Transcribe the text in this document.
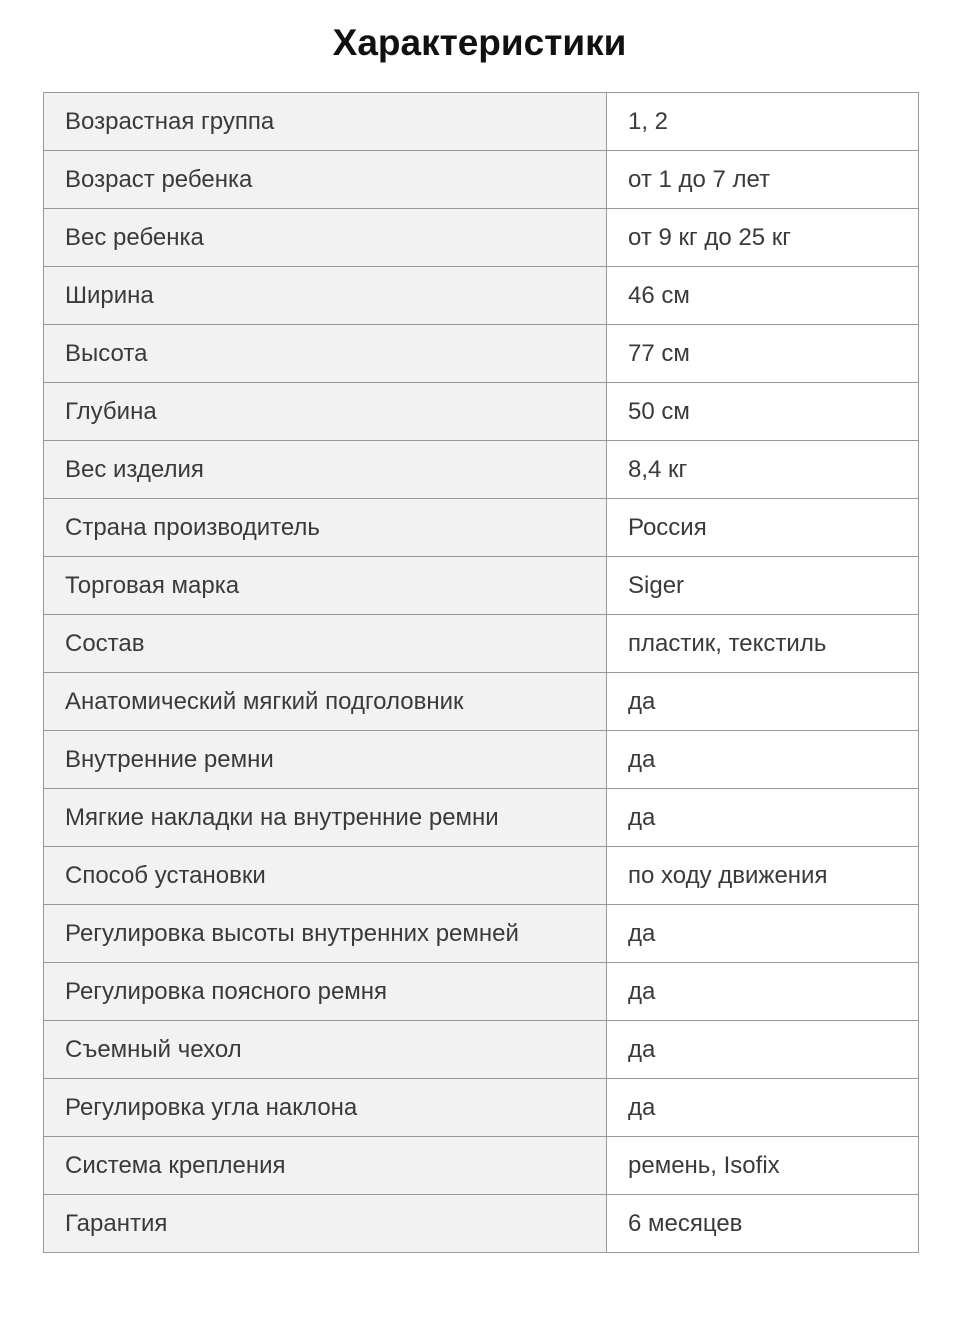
Характеристики
Возрастная группа	1, 2
Возраст ребенка	от 1 до 7 лет
Вес ребенка	от 9 кг до 25 кг
Ширина	46 см
Высота	77 см
Глубина	50 см
Вес изделия	8,4 кг
Страна производитель	Россия
Торговая марка	Siger
Состав	пластик, текстиль
Анатомический мягкий подголовник	да
Внутренние ремни	да
Мягкие накладки на внутренние ремни	да
Способ установки	по ходу движения
Регулировка высоты внутренних ремней	да
Регулировка поясного ремня	да
Съемный чехол	да
Регулировка угла наклона	да
Система крепления	ремень, Isofix
Гарантия	6 месяцев
